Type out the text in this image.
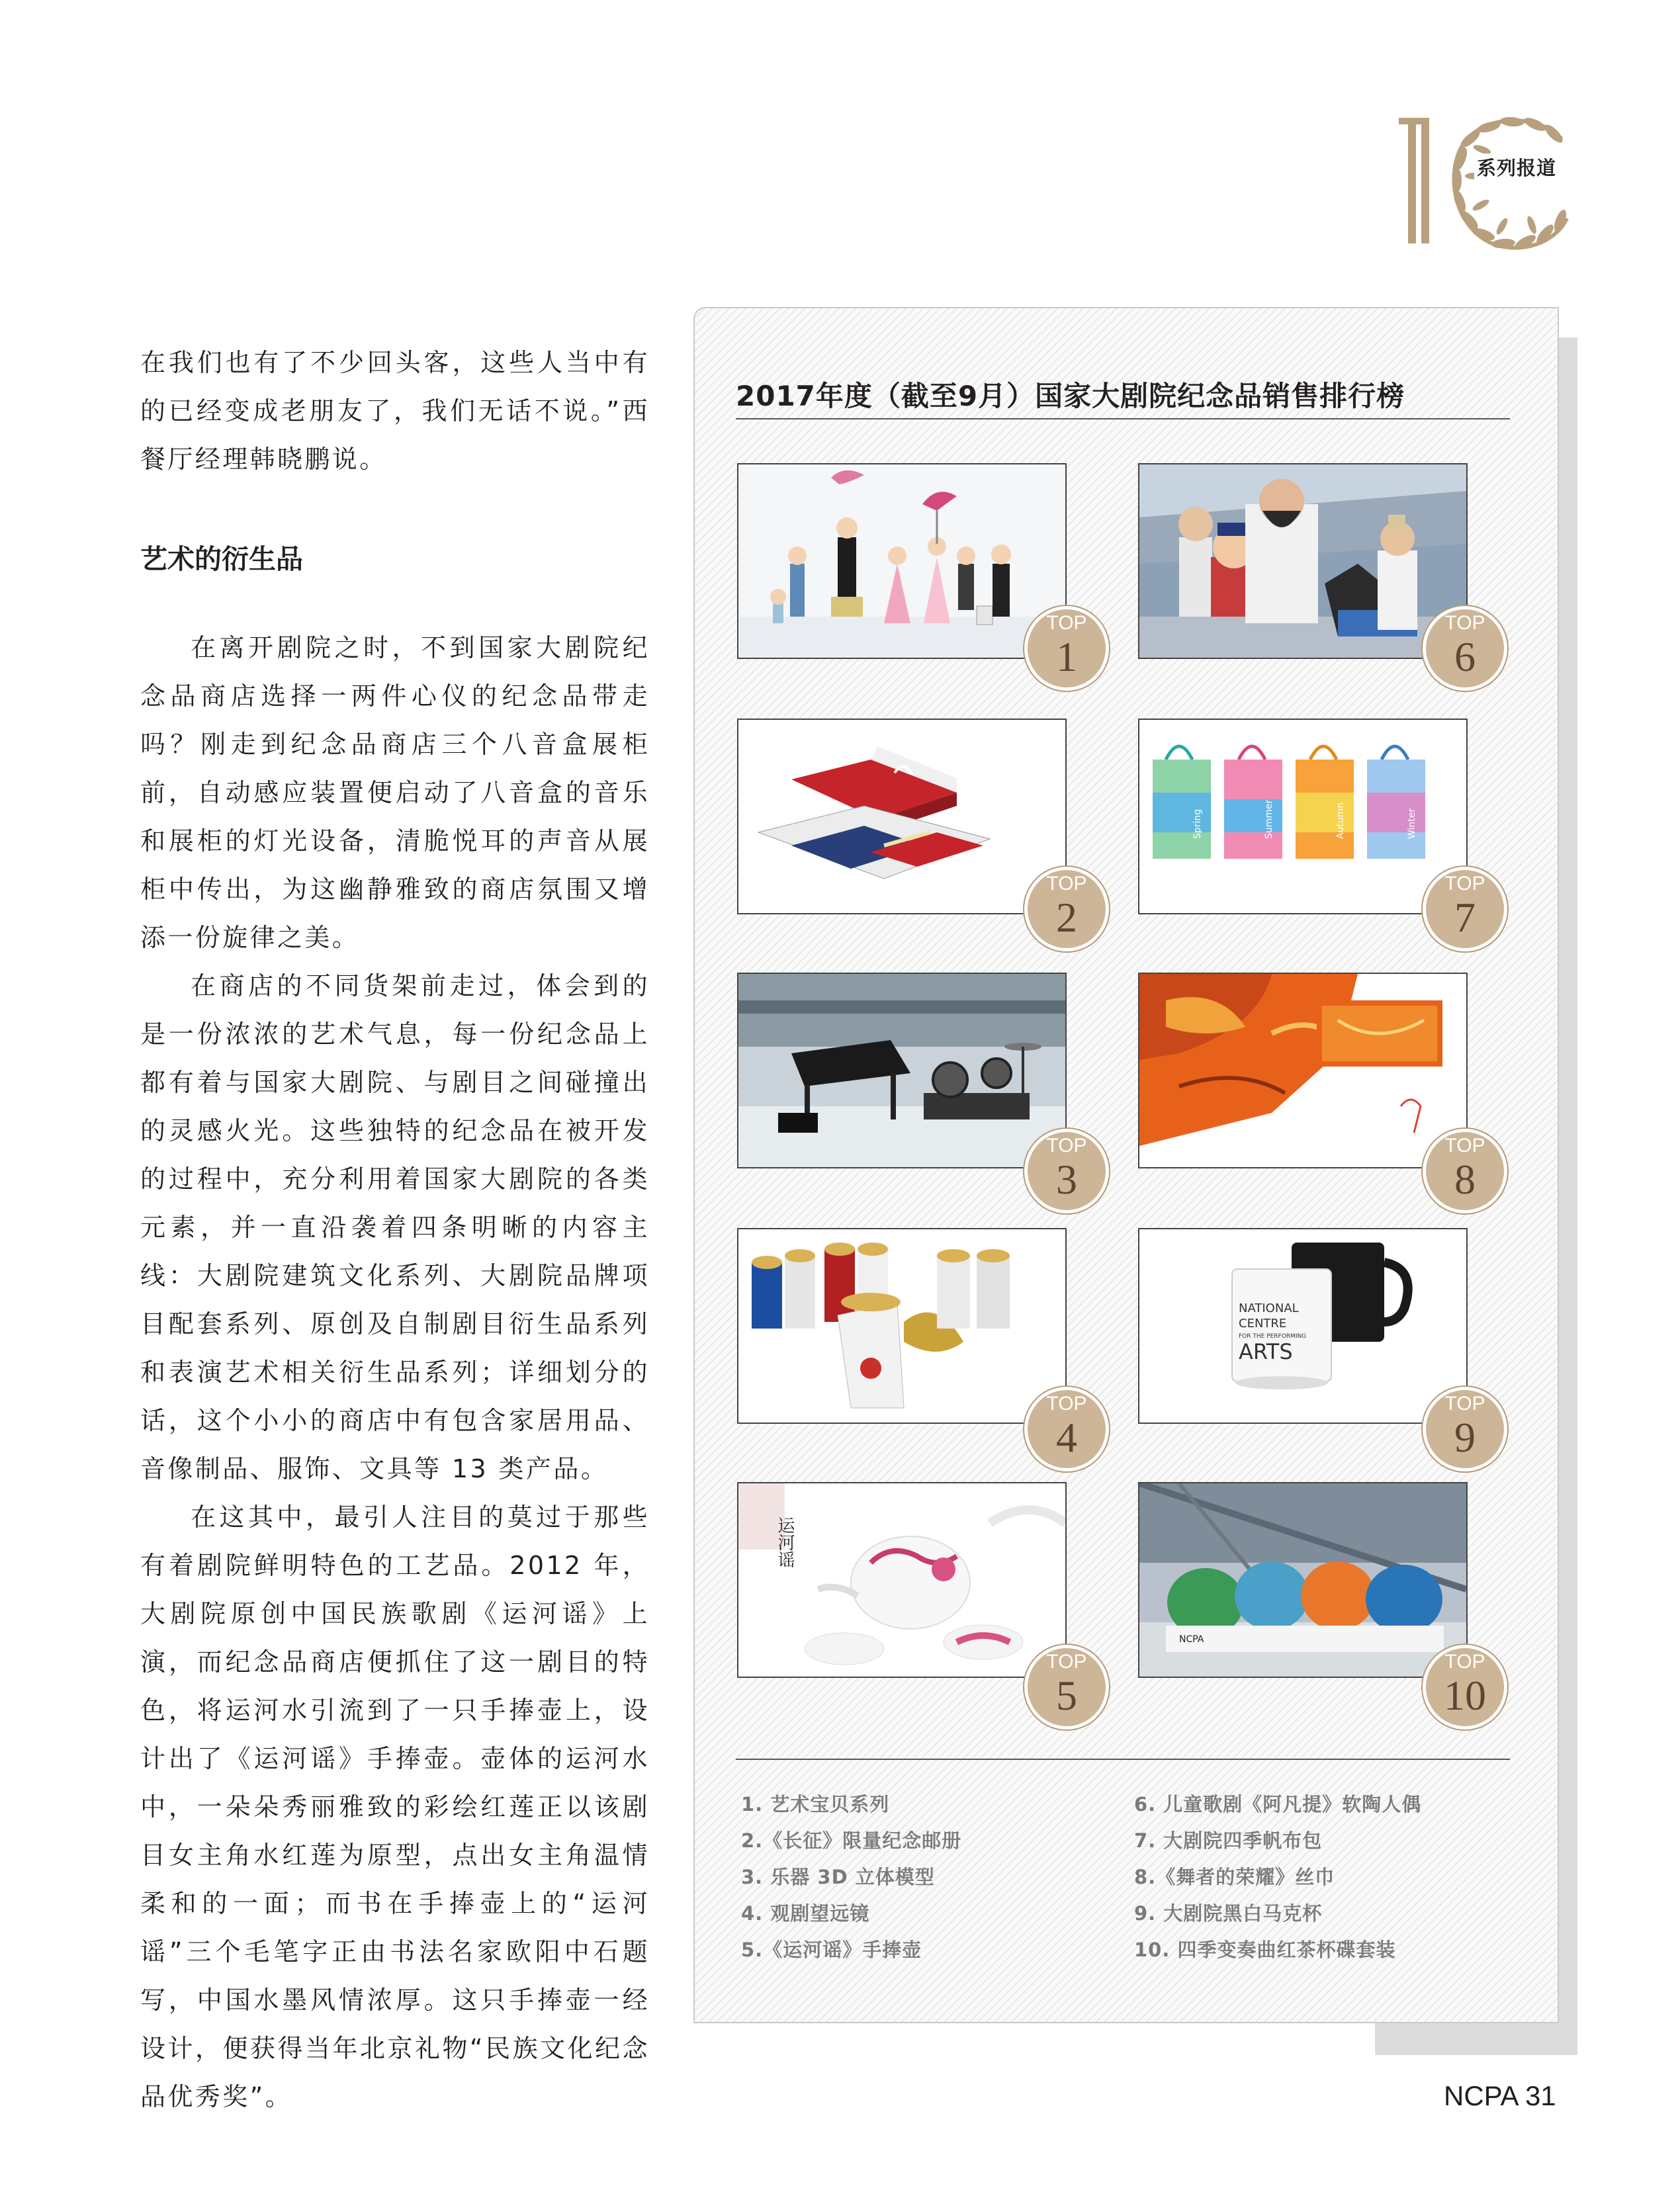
系列报道

在我们也有了不少回头客，这些人当中有的已经变成老朋友了，我们无话不说。”西餐厅经理韩晓鹏说。

艺术的衍生品

在离开剧院之时，不到国家大剧院纪念品商店选择一两件心仪的纪念品带走吗？刚走到纪念品商店三个八音盒展柜前，自动感应装置便启动了八音盒的音乐和展柜的灯光设备，清脆悦耳的声音从展柜中传出，为这幽静雅致的商店氛围又增添一份旋律之美。

在商店的不同货架前走过，体会到的是一份浓浓的艺术气息，每一份纪念品上都有着与国家大剧院、与剧目之间碰撞出的灵感火光。这些独特的纪念品在被开发的过程中，充分利用着国家大剧院的各类元素，并一直沿袭着四条明晰的内容主线：大剧院建筑文化系列、大剧院品牌项目配套系列、原创及自制剧目衍生品系列和表演艺术相关衍生品系列；详细划分的话，这个小小的商店中有包含家居用品、音像制品、服饰、文具等 13 类产品。

在这其中，最引人注目的莫过于那些有着剧院鲜明特色的工艺品。2012 年，大剧院原创中国民族歌剧《运河谣》上演，而纪念品商店便抓住了这一剧目的特色，将运河水引流到了一只手捧壶上，设计出了《运河谣》手捧壶。壶体的运河水中，一朵朵秀丽雅致的彩绘红莲正以该剧目女主角水红莲为原型，点出女主角温情柔和的一面；而书在手捧壶上的“运河谣”三个毛笔字正由书法名家欧阳中石题写，中国水墨风情浓厚。这只手捧壶一经设计，便获得当年北京礼物“民族文化纪念品优秀奖”。

2017年度（截至9月）国家大剧院纪念品销售排行榜
TOP
1
TOP
6
TOP
2
Spring	Summer	Autumn	Winter
TOP
7
TOP
3
TOP
8
TOP
4
NATIONAL
CENTRE
FOR THE PERFORMING
ARTS
TOP
9
运河谣
TOP
5
NCPA
TOP
10
1. 艺术宝贝系列
2.《长征》限量纪念邮册
3. 乐器 3D 立体模型
4. 观剧望远镜
5.《运河谣》手捧壶
6. 儿童歌剧《阿凡提》软陶人偶
7. 大剧院四季帆布包
8.《舞者的荣耀》丝巾
9. 大剧院黑白马克杯
10. 四季变奏曲红茶杯碟套装
NCPA 31
